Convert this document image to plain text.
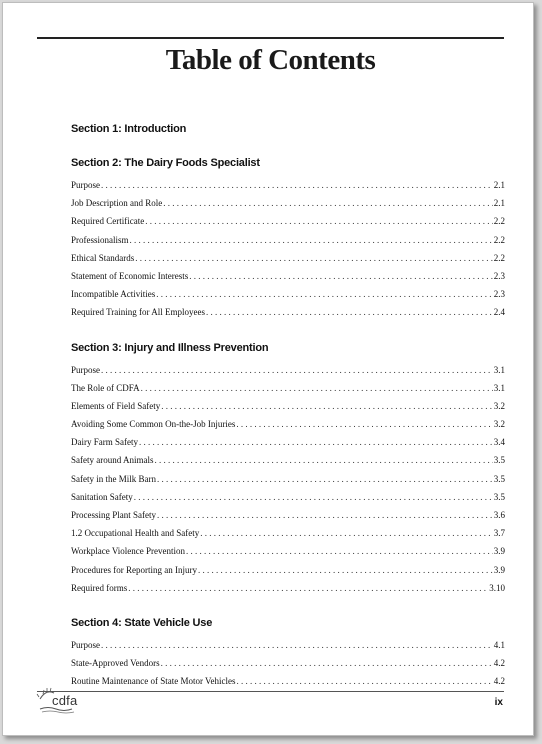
Table of Contents
Section 1: Introduction
Section 2: The Dairy Foods Specialist
Purpose . . .	2.1
Job Description and Role . . .	2.1
Required Certificate . . .	2.2
Professionalism . . .	2.2
Ethical Standards . . .	2.2
Statement of Economic Interests . . .	2.3
Incompatible Activities . . .	2.3
Required Training for All Employees . . .	2.4
Section 3: Injury and Illness Prevention
Purpose . . .	3.1
The Role of CDFA . . .	3.1
Elements of Field Safety . . .	3.2
Avoiding Some Common On-the-Job Injuries . . .	3.2
Dairy Farm Safety . . .	3.4
Safety around Animals . . .	3.5
Safety in the Milk Barn . . .	3.5
Sanitation Safety . . .	3.5
Processing Plant Safety . . .	3.6
1.2 Occupational Health and Safety . . .	3.7
Workplace Violence Prevention . . .	3.9
Procedures for Reporting an Injury . . .	3.9
Required forms . . .	3.10
Section 4: State Vehicle Use
Purpose . . .	4.1
State-Approved Vendors . . .	4.2
Routine Maintenance of State Motor Vehicles . . .	4.2
cdfa	ix
